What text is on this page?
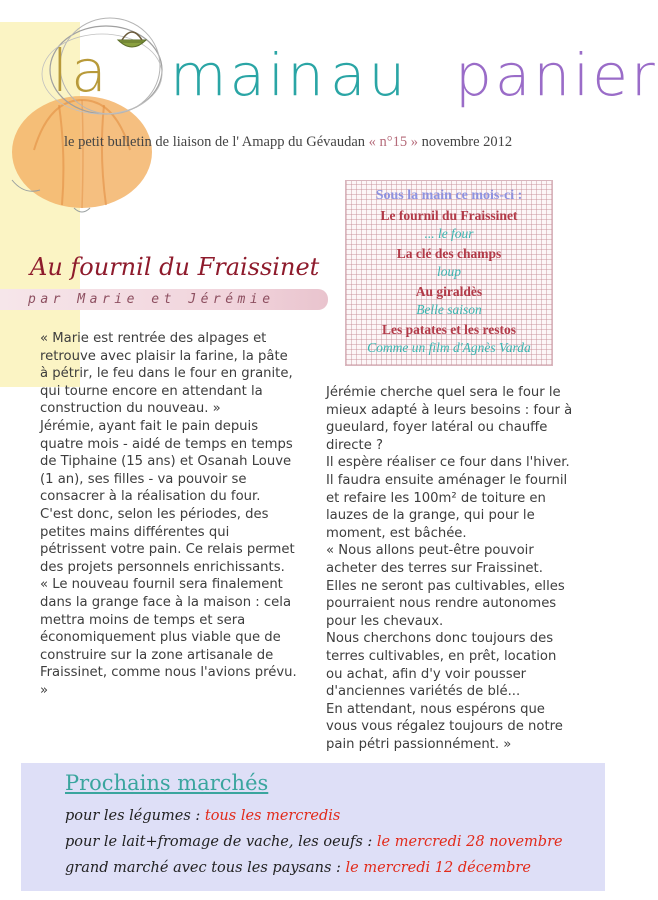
la main au panier
le petit bulletin de liaison de l' Amapp du Gévaudan « n°15 » novembre 2012
Sous la main ce mois-ci :
Le fournil du Fraissinet
... le four
La clé des champs
loup
Au giraldès
Belle saison
Les patates et les restos
Comme un film d'Agnès Varda
Au fournil du Fraissinet
par Marie et Jérémie

« Marie est rentrée des alpages et retrouve avec plaisir la farine, la pâte à pétrir, le feu dans le four en granite, qui tourne encore en attendant la construction du nouveau. »

Jérémie, ayant fait le pain depuis quatre mois - aidé de temps en temps de Tiphaine (15 ans) et Osanah Louve (1 an), ses filles - va pouvoir se consacrer à la réalisation du four.

C'est donc, selon les périodes, des petites mains différentes qui pétrissent votre pain. Ce relais permet des projets personnels enrichissants.

« Le nouveau fournil sera finalement dans la grange face à la maison : cela mettra moins de temps et sera économiquement plus viable que de construire sur la zone artisanale de Fraissinet, comme nous l'avions prévu. »

Jérémie cherche quel sera le four le mieux adapté à leurs besoins : four à gueulard, foyer latéral ou chauffe directe ?

Il espère réaliser ce four dans l'hiver. Il faudra ensuite aménager le fournil et refaire les 100m² de toiture en lauzes de la grange, qui pour le moment, est bâchée.

« Nous allons peut-être pouvoir acheter des terres sur Fraissinet. Elles ne seront pas cultivables, elles pourraient nous rendre autonomes pour les chevaux.

Nous cherchons donc toujours des terres cultivables, en prêt, location ou achat, afin d'y voir pousser d'anciennes variétés de blé...

En attendant, nous espérons que vous vous régalez toujours de notre pain pétri passionnément. »

Prochains marchés
pour les légumes : tous les mercredis
pour le lait+fromage de vache, les oeufs : le mercredi 28 novembre
grand marché avec tous les paysans : le mercredi 12 décembre
